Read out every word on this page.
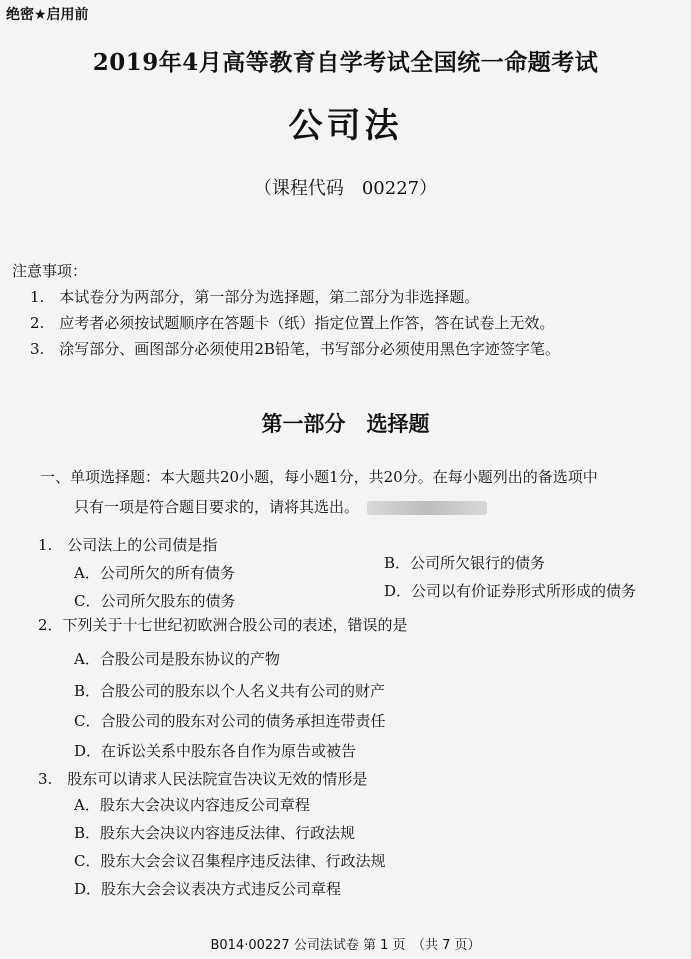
绝密★启用前
2019年4月高等教育自学考试全国统一命题考试
公司法
（课程代码　00227）
注意事项：
1.　本试卷分为两部分，第一部分为选择题，第二部分为非选择题。
2.　应考者必须按试题顺序在答题卡（纸）指定位置上作答，答在试卷上无效。
3.　涂写部分、画图部分必须使用2B铅笔，书写部分必须使用黑色字迹签字笔。
第一部分　选择题
一、单项选择题：本大题共20小题，每小题1分，共20分。在每小题列出的备选项中
只有一项是符合题目要求的，请将其选出。
1.　公司法上的公司债是指
A．公司所欠的所有债务
B．公司所欠银行的债务
C．公司所欠股东的债务
D．公司以有价证券形式所形成的债务
2．下列关于十七世纪初欧洲合股公司的表述，错误的是
A．合股公司是股东协议的产物
B．合股公司的股东以个人名义共有公司的财产
C．合股公司的股东对公司的债务承担连带责任
D．在诉讼关系中股东各自作为原告或被告
3.　股东可以请求人民法院宣告决议无效的情形是
A．股东大会决议内容违反公司章程
B．股东大会决议内容违反法律、行政法规
C．股东大会会议召集程序违反法律、行政法规
D．股东大会会议表决方式违反公司章程
B014·00227 公司法试卷 第 1 页　（共 7 页）
